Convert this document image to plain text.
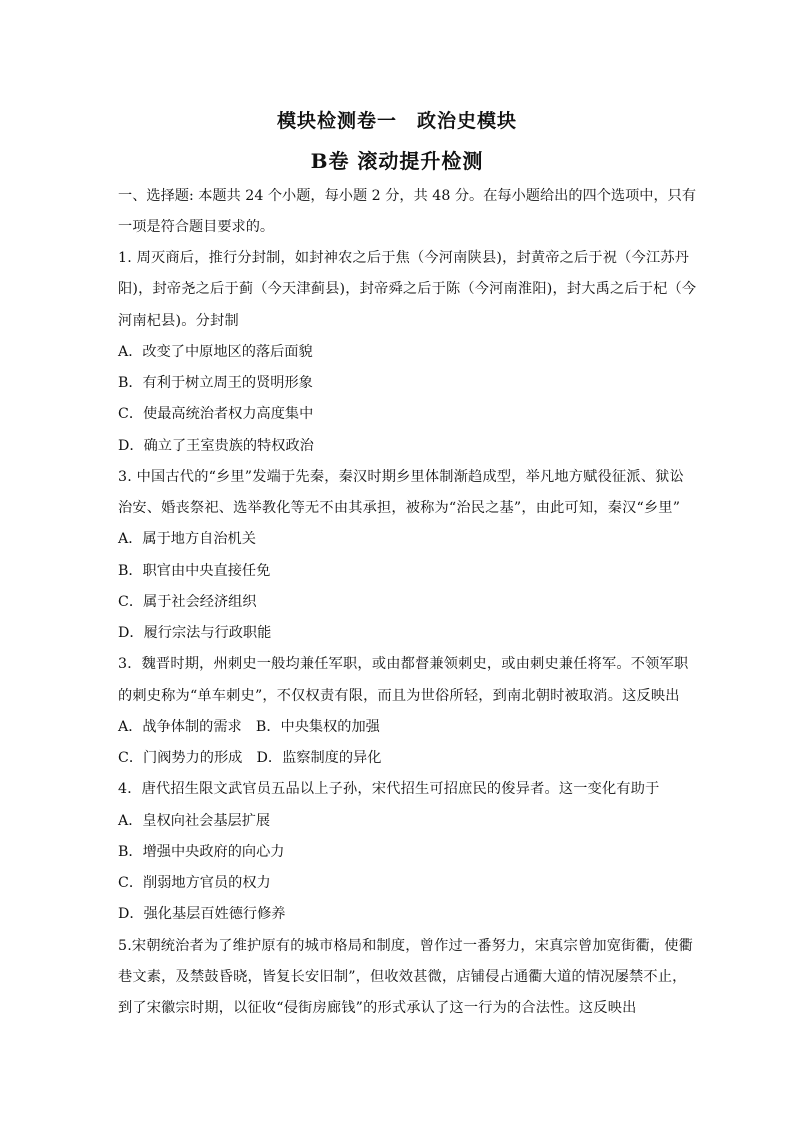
模块检测卷一　政治史模块
B卷 滚动提升检测
一、选择题: 本题共 24 个小题，每小题 2 分，共 48 分。在每小题给出的四个选项中，只有
一项是符合题目要求的。
1. 周灭商后，推行分封制，如封神农之后于焦（今河南陕县)，封黄帝之后于祝（今江苏丹
阳)，封帝尧之后于蓟（今天津蓟县)，封帝舜之后于陈（今河南淮阳)，封大禹之后于杞（今
河南杞县)。分封制
A．改变了中原地区的落后面貌
B．有利于树立周王的贤明形象
C．使最高统治者权力高度集中
D．确立了王室贵族的特权政治
3. 中国古代的“乡里”发端于先秦，秦汉时期乡里体制渐趋成型，举凡地方赋役征派、狱讼
治安、婚丧祭祀、选举教化等无不由其承担，被称为“治民之基”，由此可知，秦汉“乡里”
A．属于地方自治机关
B．职官由中央直接任免
C．属于社会经济组织
D．履行宗法与行政职能
3．魏晋时期，州刺史一般均兼任军职，或由都督兼领刺史，或由刺史兼任将军。不领军职
的刺史称为“单车刺史”，不仅权责有限，而且为世俗所轻，到南北朝时被取消。这反映出
A．战争体制的需求　B．中央集权的加强
C．门阀势力的形成　D．监察制度的异化
4．唐代招生限文武官员五品以上子孙，宋代招生可招庶民的俊异者。这一变化有助于
A．皇权向社会基层扩展
B．增强中央政府的向心力
C．削弱地方官员的权力
D．强化基层百姓德行修养
5.宋朝统治者为了维护原有的城市格局和制度，曾作过一番努力，宋真宗曾加宽街衢，使衢
巷文素，及禁鼓昏晓，皆复长安旧制”，但收效甚微，店铺侵占通衢大道的情况屡禁不止，
到了宋徽宗时期，以征收“侵街房廊钱”的形式承认了这一行为的合法性。这反映出
